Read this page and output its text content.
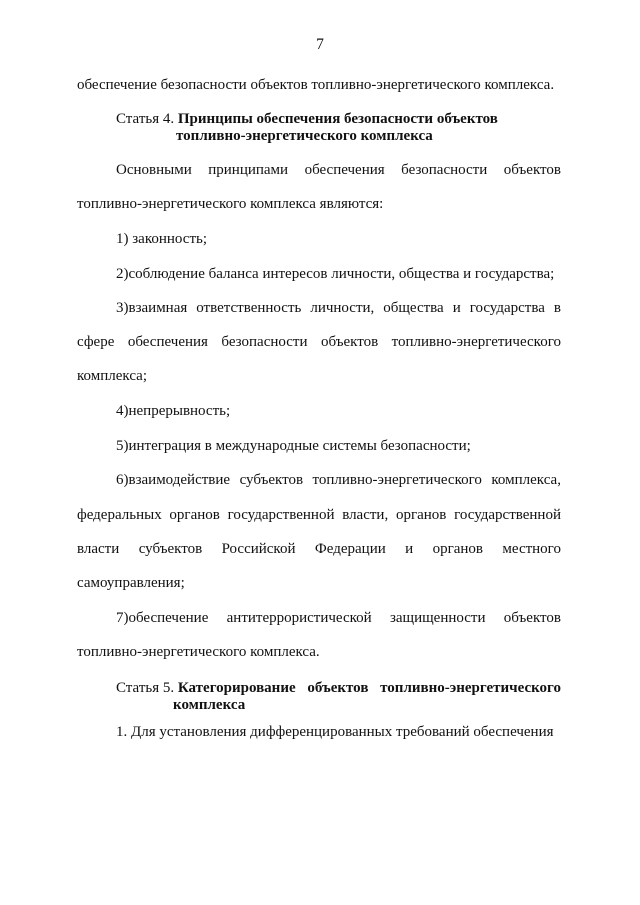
7
обеспечение безопасности объектов топливно-энергетического комплекса.
Статья 4. Принципы обеспечения безопасности объектов
топливно-энергетического комплекса
Основными принципами обеспечения безопасности объектов
топливно-энергетического комплекса являются:
1) законность;
2)соблюдение баланса интересов личности, общества и государства;
3)взаимная ответственность личности, общества и государства в
сфере обеспечения безопасности объектов топливно-энергетического
комплекса;
4)непрерывность;
5)интеграция в международные системы безопасности;
6)взаимодействие субъектов топливно-энергетического комплекса,
федеральных органов государственной власти, органов государственной
власти субъектов Российской Федерации и органов местного
самоуправления;
7)обеспечение антитеррористической защищенности объектов
топливно-энергетического комплекса.
Статья 5. Категорирование объектов топливно-энергетического
комплекса
1. Для установления дифференцированных требований обеспечения
